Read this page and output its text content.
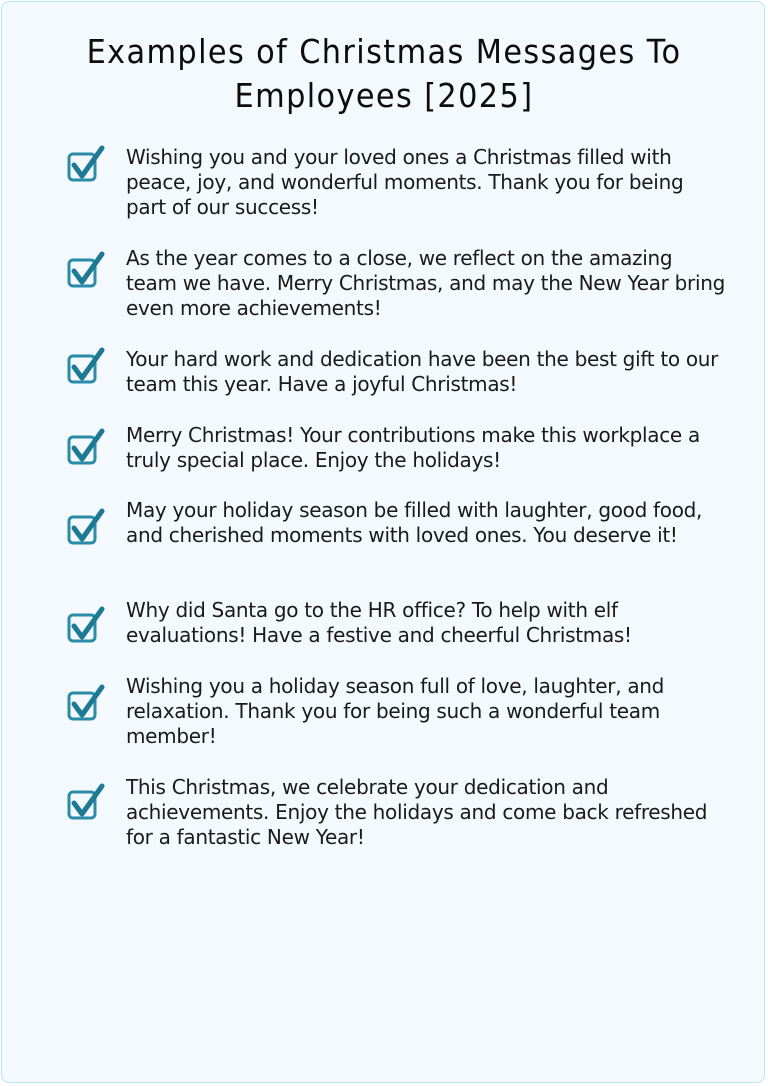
Examples of Christmas Messages To
Employees [2025]
Wishing you and your loved ones a Christmas filled with peace, joy, and wonderful moments. Thank you for being part of our success!
As the year comes to a close, we reflect on the amazing team we have. Merry Christmas, and may the New Year bring even more achievements!
Your hard work and dedication have been the best gift to our team this year. Have a joyful Christmas!
Merry Christmas! Your contributions make this workplace a truly special place. Enjoy the holidays!
May your holiday season be filled with laughter, good food, and cherished moments with loved ones. You deserve it!
Why did Santa go to the HR office? To help with elf evaluations! Have a festive and cheerful Christmas!
Wishing you a holiday season full of love, laughter, and relaxation. Thank you for being such a wonderful team member!
This Christmas, we celebrate your dedication and achievements. Enjoy the holidays and come back refreshed for a fantastic New Year!
